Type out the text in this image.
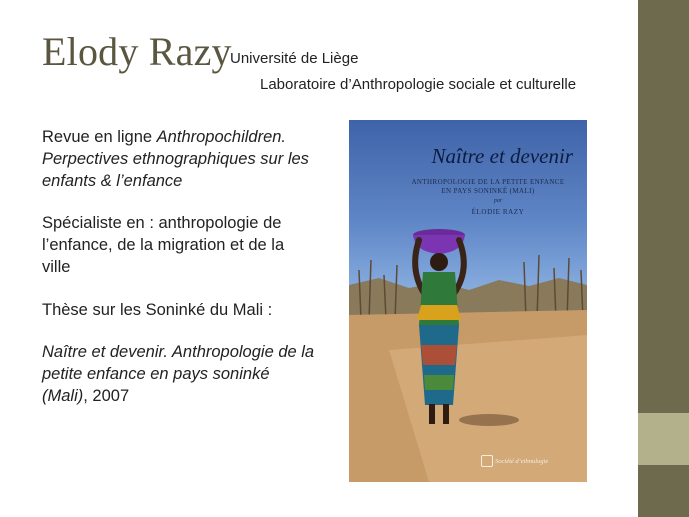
Elody Razy
Université de Liège
Laboratoire d’Anthropologie sociale et culturelle
Revue en ligne Anthropochildren. Perpectives ethnographiques sur les enfants & l’enfance
Spécialiste en : anthropologie de l’enfance, de la migration et de la ville
Thèse sur les Soninké du Mali :
Naître et devenir. Anthropologie de la petite enfance en pays soninké (Mali), 2007
Naître et devenir
ANTHROPOLOGIE DE LA PETITE ENFANCE
EN PAYS SONINKÉ (MALI)
par
ÉLODIE RAZY
Société d’ethnologie
